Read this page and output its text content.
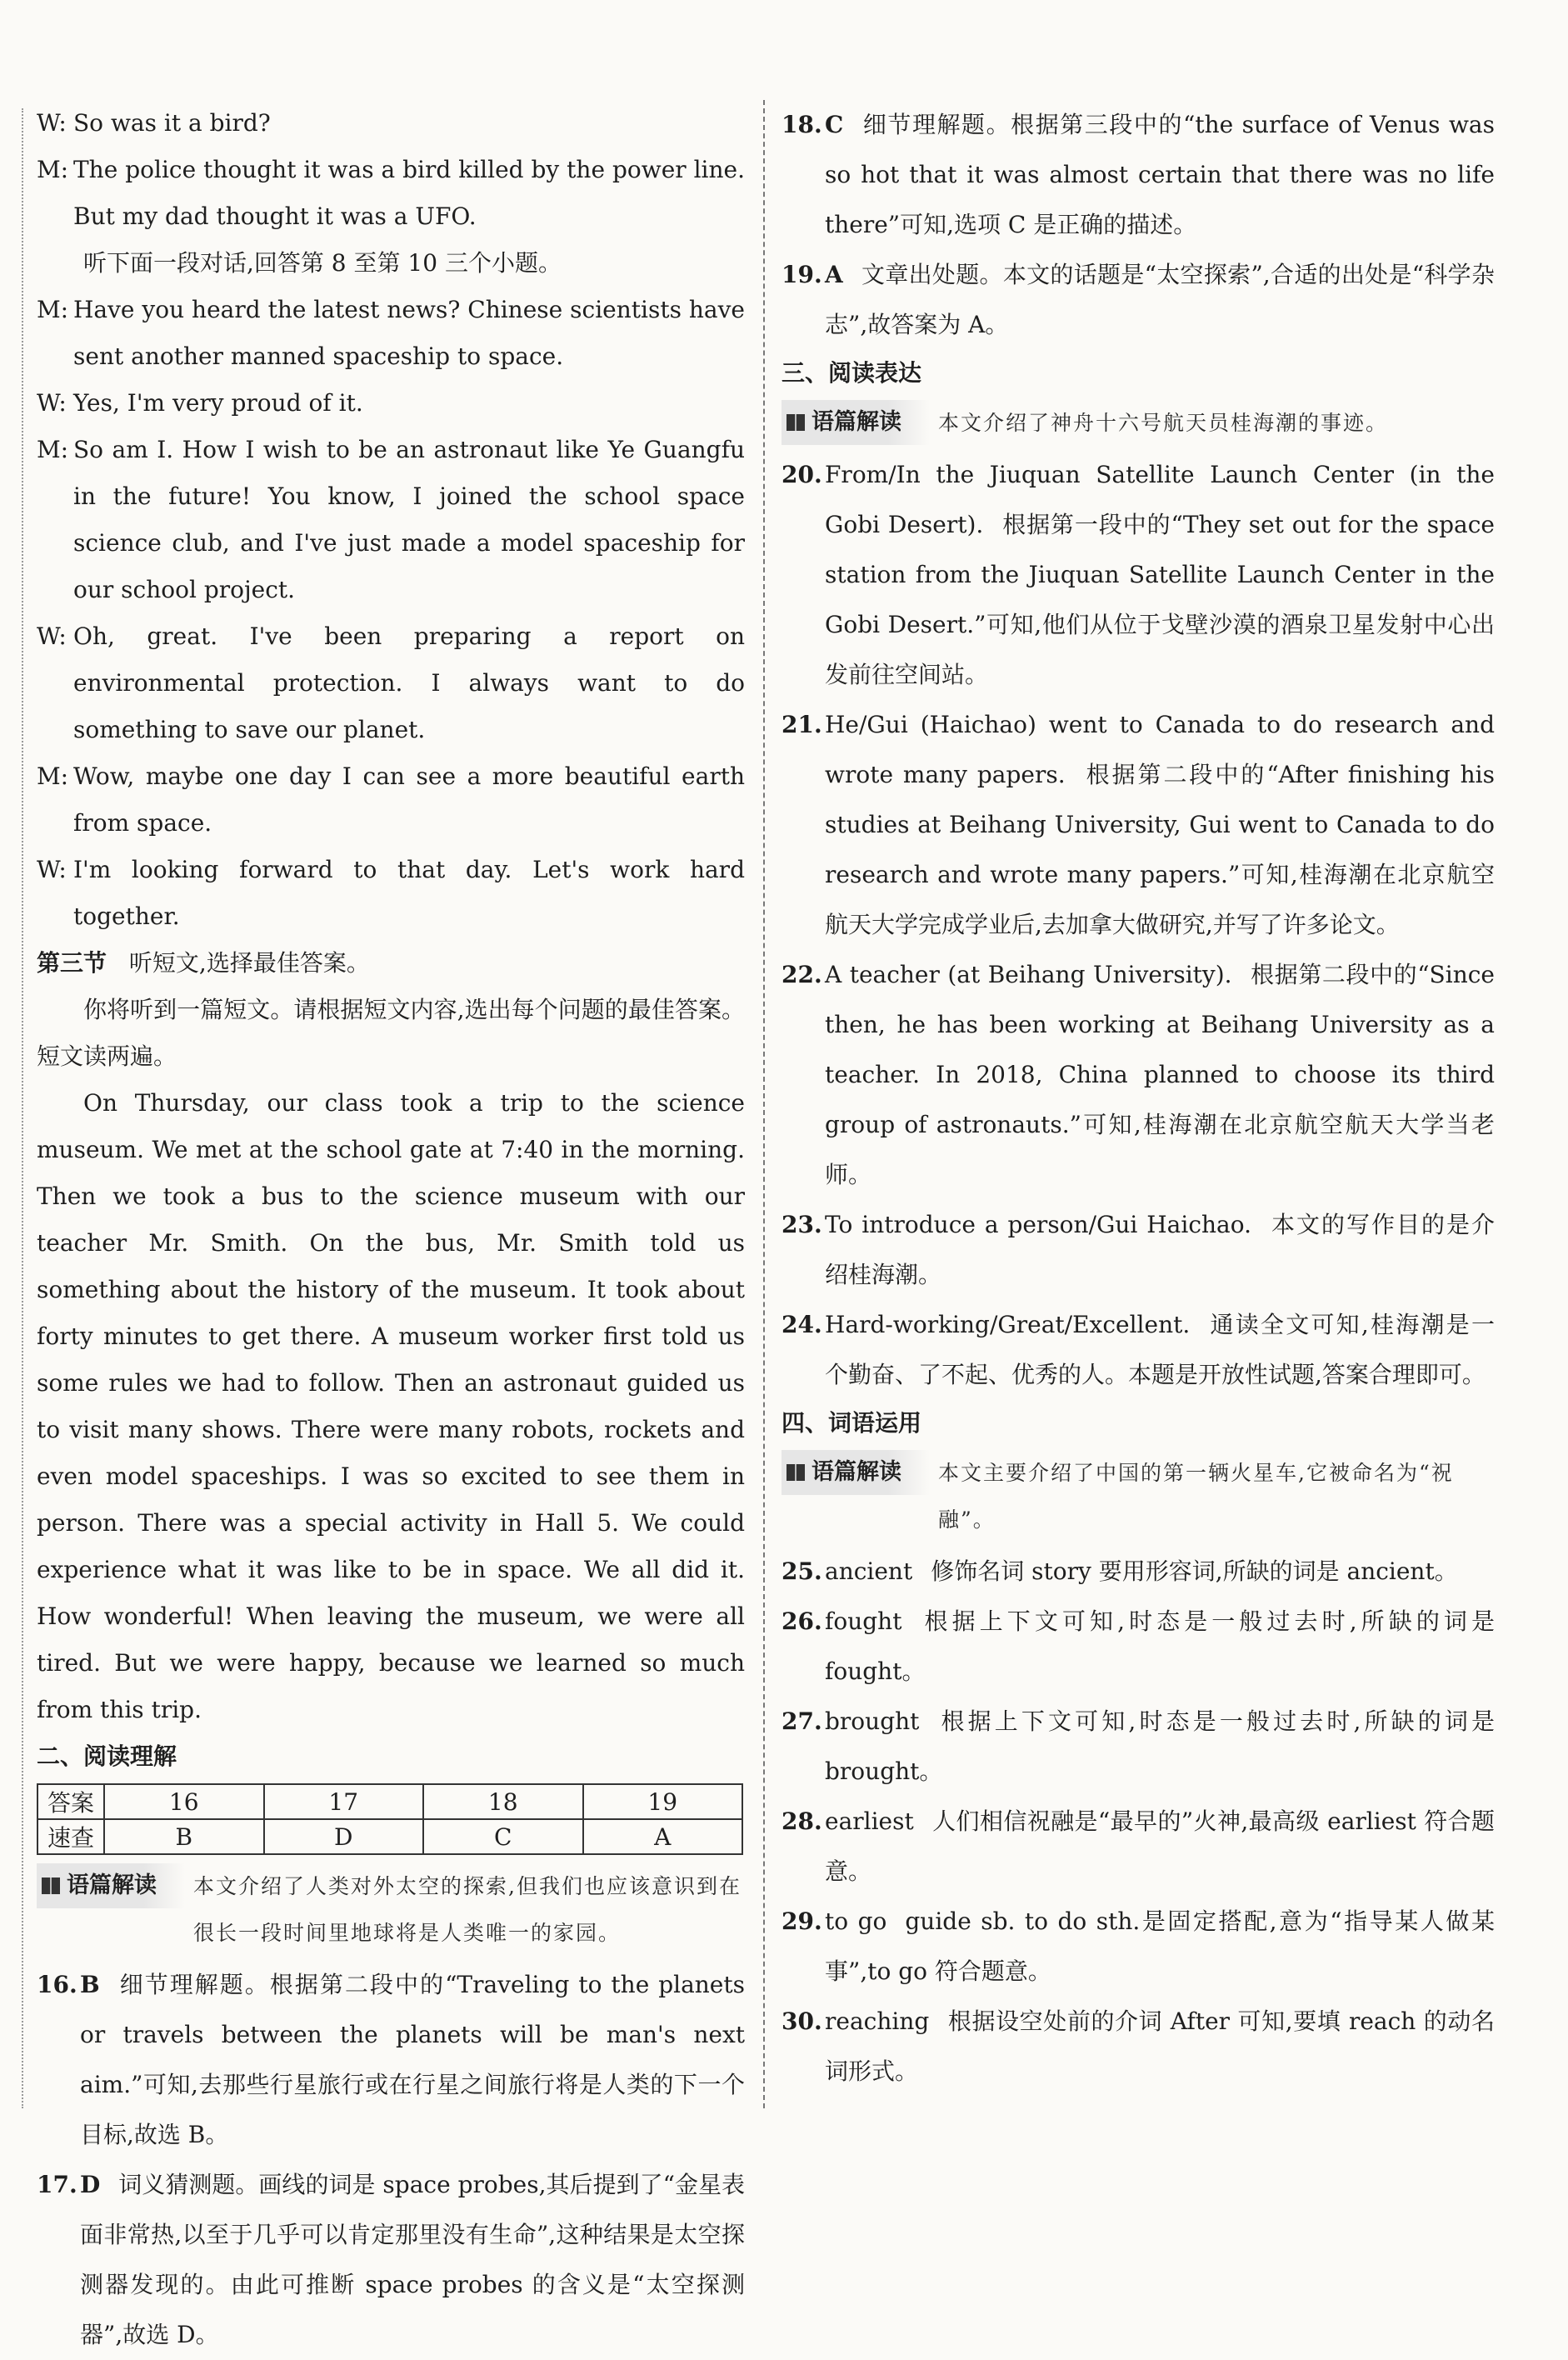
W: So was it a bird?
M: The police thought it was a bird killed by the power line. But my dad thought it was a UFO.

听下面一段对话,回答第 8 至第 10 三个小题。

M: Have you heard the latest news? Chinese scientists have sent another manned spaceship to space.
W: Yes, I'm very proud of it.
M: So am I. How I wish to be an astronaut like Ye Guangfu in the future! You know, I joined the school space science club, and I've just made a model spaceship for our school project.
W: Oh, great. I've been preparing a report on environmental protection. I always want to do something to save our planet.
M: Wow, maybe one day I can see a more beautiful earth from space.
W: I'm looking forward to that day. Let's work hard together.

第三节 听短文,选择最佳答案。

你将听到一篇短文。请根据短文内容,选出每个问题的最佳答案。短文读两遍。

On Thursday, our class took a trip to the science museum. We met at the school gate at 7:40 in the morning. Then we took a bus to the science museum with our teacher Mr. Smith. On the bus, Mr. Smith told us something about the history of the museum. It took about forty minutes to get there. A museum worker first told us some rules we had to follow. Then an astronaut guided us to visit many shows. There were many robots, rockets and even model spaceships. I was so excited to see them in person. There was a special activity in Hall 5. We could experience what it was like to be in space. We all did it. How wonderful! When leaving the museum, we were all tired. But we were happy, because we learned so much from this trip.

二、阅读理解

答案	16	17	18	19
速查	B	D	C	A
语篇解读 本文介绍了人类对外太空的探索,但我们也应该意识到在很长一段时间里地球将是人类唯一的家园。
16. B 细节理解题。根据第二段中的“Traveling to the planets or travels between the planets will be man's next aim.”可知,去那些行星旅行或在行星之间旅行将是人类的下一个目标,故选 B。
17. D 词义猜测题。画线的词是 space probes,其后提到了“金星表面非常热,以至于几乎可以肯定那里没有生命”,这种结果是太空探测器发现的。由此可推断 space probes 的含义是“太空探测器”,故选 D。
18. C 细节理解题。根据第三段中的“the surface of Venus was so hot that it was almost certain that there was no life there”可知,选项 C 是正确的描述。
19. A 文章出处题。本文的话题是“太空探索”,合适的出处是“科学杂志”,故答案为 A。

三、阅读表达

语篇解读 本文介绍了神舟十六号航天员桂海潮的事迹。
20. From/In the Jiuquan Satellite Launch Center (in the Gobi Desert). 根据第一段中的“They set out for the space station from the Jiuquan Satellite Launch Center in the Gobi Desert.”可知,他们从位于戈壁沙漠的酒泉卫星发射中心出发前往空间站。
21. He/Gui (Haichao) went to Canada to do research and wrote many papers. 根据第二段中的“After finishing his studies at Beihang University, Gui went to Canada to do research and wrote many papers.”可知,桂海潮在北京航空航天大学完成学业后,去加拿大做研究,并写了许多论文。
22. A teacher (at Beihang University). 根据第二段中的“Since then, he has been working at Beihang University as a teacher. In 2018, China planned to choose its third group of astronauts.”可知,桂海潮在北京航空航天大学当老师。
23. To introduce a person/Gui Haichao. 本文的写作目的是介绍桂海潮。
24. Hard-working/Great/Excellent. 通读全文可知,桂海潮是一个勤奋、了不起、优秀的人。本题是开放性试题,答案合理即可。

四、词语运用

语篇解读 本文主要介绍了中国的第一辆火星车,它被命名为“祝融”。
25. ancient 修饰名词 story 要用形容词,所缺的词是 ancient。
26. fought 根据上下文可知,时态是一般过去时,所缺的词是 fought。
27. brought 根据上下文可知,时态是一般过去时,所缺的词是 brought。
28. earliest 人们相信祝融是“最早的”火神,最高级 earliest 符合题意。
29. to go guide sb. to do sth.是固定搭配,意为“指导某人做某事”,to go 符合题意。
30. reaching 根据设空处前的介词 After 可知,要填 reach 的动名词形式。
